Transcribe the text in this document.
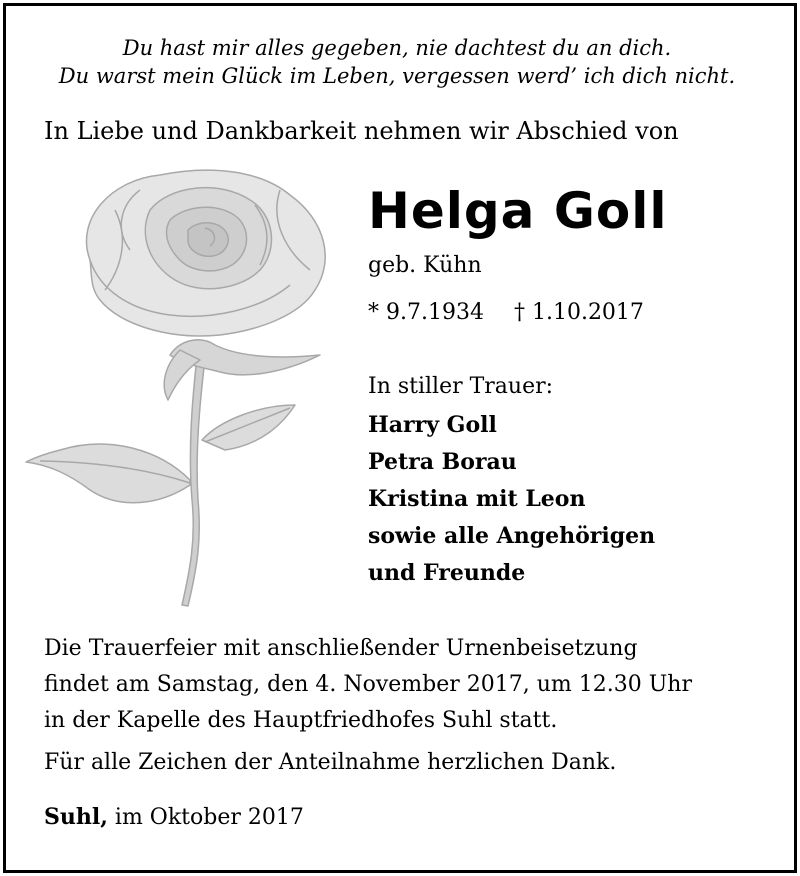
Du hast mir alles gegeben, nie dachtest du an dich.
Du warst mein Glück im Leben, vergessen werd’ ich dich nicht.
In Liebe und Dankbarkeit nehmen wir Abschied von
Helga Goll
geb. Kühn
* 9.7.1934 † 1.10.2017
In stiller Trauer:
Harry Goll
Petra Borau
Kristina mit Leon
sowie alle Angehörigen
und Freunde
Die Trauerfeier mit anschließender Urnenbeisetzung
findet am Samstag, den 4. November 2017, um 12.30 Uhr
in der Kapelle des Hauptfriedhofes Suhl statt.
Für alle Zeichen der Anteilnahme herzlichen Dank.
Suhl, im Oktober 2017
